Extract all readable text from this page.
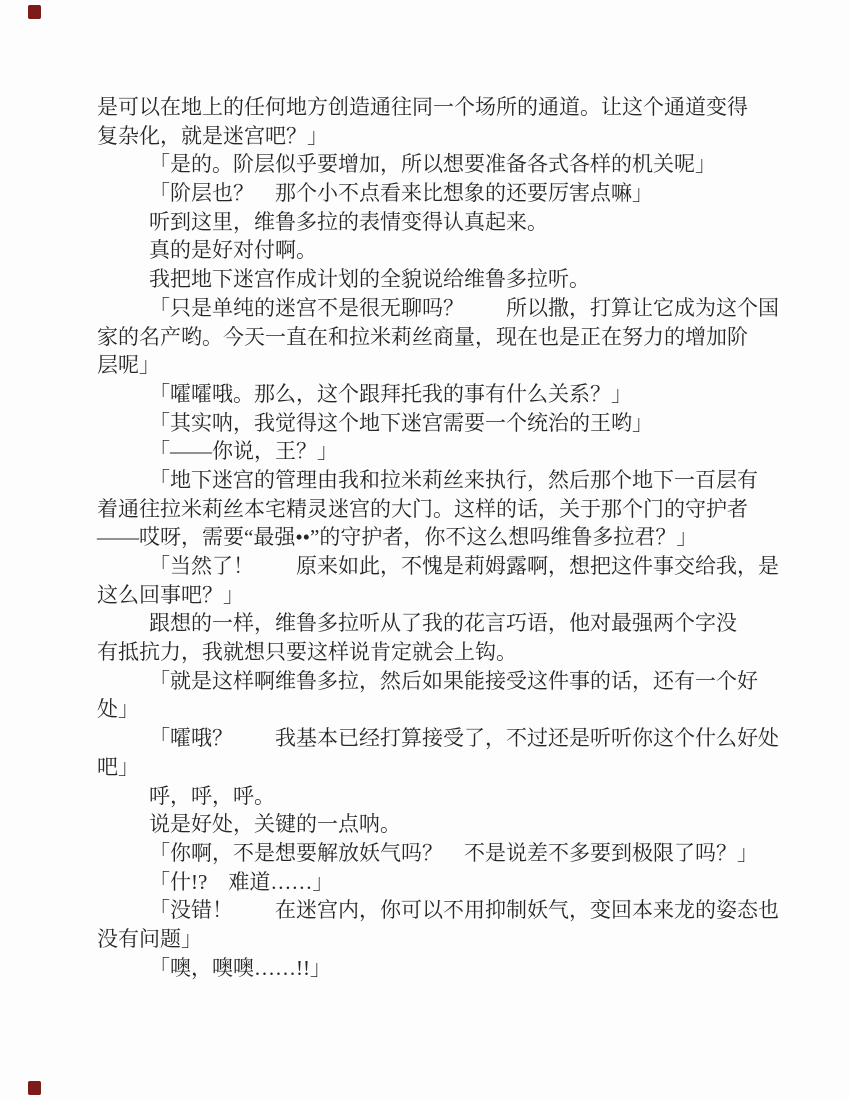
是可以在地上的任何地方创造通往同一个场所的通道。让这个通道变得
复杂化，就是迷宫吧？」

「是的。阶层似乎要增加，所以想要准备各式各样的机关呢」

「阶层也？　那个小不点看来比想象的还要厉害点嘛」

听到这里，维鲁多拉的表情变得认真起来。

真的是好对付啊。

我把地下迷宫作成计划的全貌说给维鲁多拉听。

「只是单纯的迷宫不是很无聊吗？　　所以撒，打算让它成为这个国
家的名产哟。今天一直在和拉米莉丝商量，现在也是正在努力的增加阶
层呢」

「嚯嚯哦。那么，这个跟拜托我的事有什么关系？」

「其实呐，我觉得这个地下迷宫需要一个统治的王哟」

「——你说，王？」

「地下迷宫的管理由我和拉米莉丝来执行，然后那个地下一百层有
着通往拉米莉丝本宅精灵迷宫的大门。这样的话，关于那个门的守护者
——哎呀，需要“最强••”的守护者，你不这么想吗维鲁多拉君？」

「当然了！　　原来如此，不愧是莉姆露啊，想把这件事交给我，是
这么回事吧？」

跟想的一样，维鲁多拉听从了我的花言巧语，他对最强两个字没
有抵抗力，我就想只要这样说肯定就会上钩。

「就是这样啊维鲁多拉，然后如果能接受这件事的话，还有一个好
处」

「嚯哦？　　我基本已经打算接受了，不过还是听听你这个什么好处
吧」

呼，呼，呼。

说是好处，关键的一点呐。

「你啊，不是想要解放妖气吗？　不是说差不多要到极限了吗？」

「什!?　难道……」

「没错！　　在迷宫内，你可以不用抑制妖气，变回本来龙的姿态也
没有问题」

「噢，噢噢……!!」
